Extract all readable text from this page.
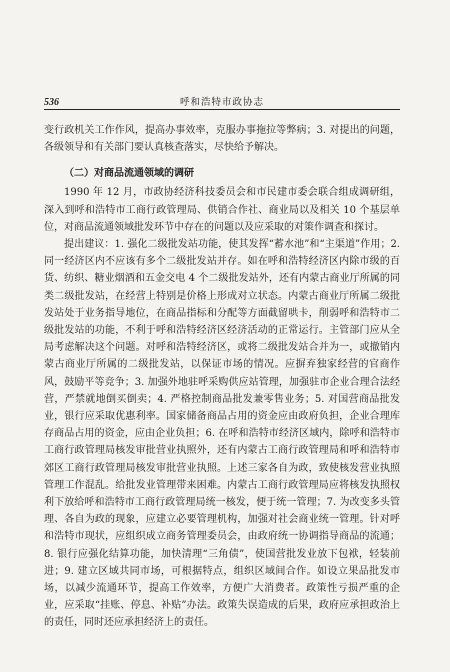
536	呼和浩特市政协志

变行政机关工作作风，提高办事效率，克服办事拖拉等弊病；3. 对提出的问题，各级领导和有关部门要认真核查落实，尽快给予解决。

（二）对商品流通领域的调研

1990 年 12 月，市政协经济科技委员会和市民建市委会联合组成调研组，深入到呼和浩特市工商行政管理局、供销合作社、商业局以及相关 10 个基层单位，对商品流通领域批发环节中存在的问题以及应采取的对策作调查和探讨。

提出建议：1. 强化二级批发站功能，使其发挥“蓄水池”和“主渠道”作用；2. 同一经济区内不应该有多个二级批发站并存。如在呼和浩特经济区内除市级的百货、纺织、糖业烟酒和五金交电 4 个二级批发站外，还有内蒙古商业厅所属的同类二级批发站，在经营上特别是价格上形成对立状态。内蒙古商业厅所属二级批发站处于业务指导地位，在商品指标和分配等方面截留哄卡，削弱呼和浩特市二级批发站的功能，不利于呼和浩特经济区经济活动的正常运行。主管部门应从全局考虑解决这个问题。对呼和浩特经济区，或将二级批发站合并为一，或撤销内蒙古商业厅所属的二级批发站，以保证市场的情况。应摒弃独家经营的官商作风，鼓励平等竞争；3. 加强外地驻呼采购供应站管理，加强驻市企业合理合法经营，严禁就地倒买倒卖；4. 严格控制商品批发兼零售业务；5. 对国营商品批发业，银行应采取优惠利率。国家储备商品占用的资金应由政府负担，企业合理库存商品占用的资金，应由企业负担；6. 在呼和浩特市经济区域内，除呼和浩特市工商行政管理局核发审批营业执照外，还有内蒙古工商行政管理局和呼和浩特市郊区工商行政管理局核发审批营业执照。上述三家各自为政，致使核发营业执照管理工作混乱。给批发业管理带来困难。内蒙古工商行政管理局应将核发执照权利下放给呼和浩特市工商行政管理局统一核发，便于统一管理；7. 为改变多头管理、各自为政的现象，应建立必要管理机构，加强对社会商业统一管理。针对呼和浩特市现状，应组织成立商务管理委员会，由政府统一协调指导商品的流通；8. 银行应强化结算功能，加快清理“三角债”，使国营批发业放下包袱，轻装前进；9. 建立区域共同市场，可根据特点，组织区域间合作。如设立果品批发市场，以减少流通环节，提高工作效率，方便广大消费者。政策性亏损严重的企业，应采取“挂账、停息、补贴”办法。政策失误造成的后果，政府应承担政治上的责任，同时还应承担经济上的责任。
